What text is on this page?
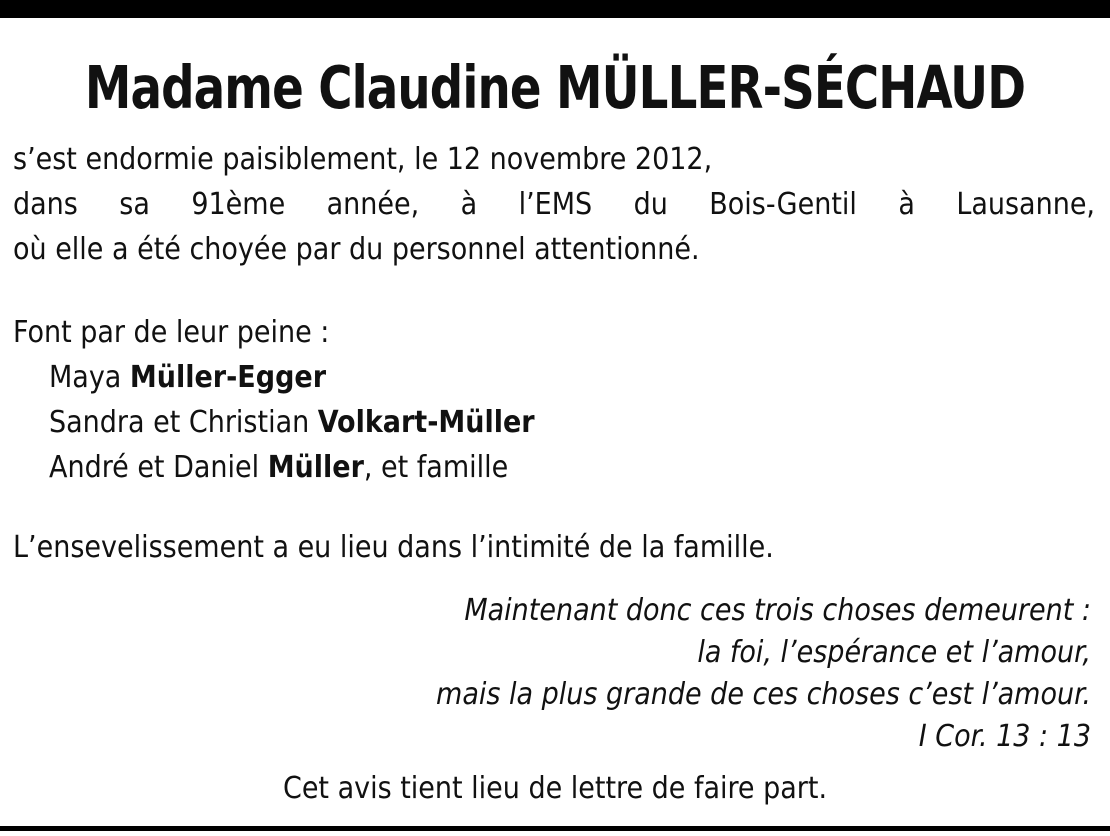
Madame Claudine MÜLLER-SÉCHAUD
s’est endormie paisiblement, le 12 novembre 2012,
dans sa 91ème année, à l’EMS du Bois-Gentil à Lausanne,
où elle a été choyée par du personnel attentionné.
Font par de leur peine :
Maya Müller-Egger
Sandra et Christian Volkart-Müller
André et Daniel Müller, et famille
L’ensevelissement a eu lieu dans l’intimité de la famille.
Maintenant donc ces trois choses demeurent :
la foi, l’espérance et l’amour,
mais la plus grande de ces choses c’est l’amour.
I Cor. 13 : 13
Cet avis tient lieu de lettre de faire part.
